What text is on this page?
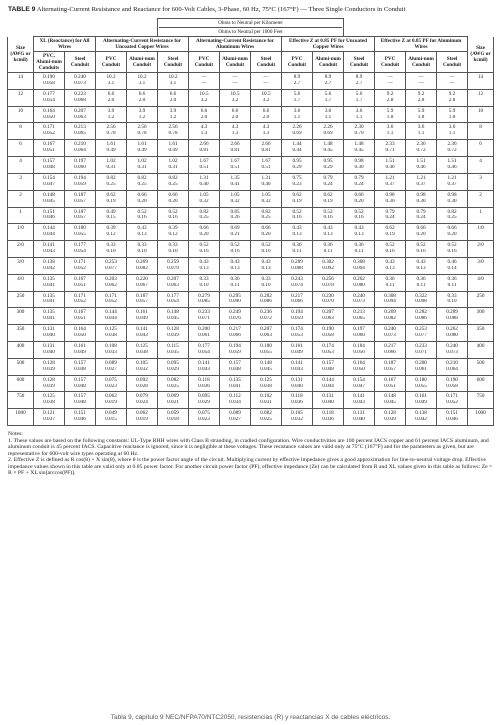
TABLE 9 Alternating-Current Resistance and Reactance for 600-Volt Cables, 3-Phase, 60 Hz, 75°C (167°F) — Three Single Conductors in Conduit

					Ohms to Neutral per Kilometer
Ohms to Neutral per 1000 Feet										

Size (AWG or kcmil)	XL (Reactance) for All Wires		Alternating-Current Resistance for Uncoated Copper Wires			Alternating-Current Resistance for Aluminum Wires			Effective Z at 0.85 PF for Uncoated Copper Wires			Effective Z at 0.85 PF for Aluminum Wires			Size (AWG or kcmil)
	PVC, Alumi-num Conduits	Steel Conduit	PVC Conduit	Alumi-num Conduit	Steel Conduit	PVC Conduit	Alumi-num Conduit	Steel Conduit	PVC Conduit	Alumi-num Conduit	Steel Conduit	PVC Conduit	Alumi-num Conduit	Steel Conduit	
14	0.190	0.240	10.2	10.2	10.2	—	—	—	8.9	8.9	8.9	—	—	—	14
	0.058	0.073	3.1	3.1	3.1	—	—	—	2.7	2.7	2.7	—	—	—	
12	0.177	0.223	6.6	6.6	6.6	10.5	10.5	10.5	5.6	5.6	5.6	9.2	9.2	9.2	12
	0.054	0.068	2.0	2.0	2.0	3.2	3.2	3.2	1.7	1.7	1.7	2.8	2.8	2.8	
10	0.164	0.207	3.9	3.9	3.9	6.6	6.6	6.6	3.6	3.6	3.6	5.9	5.9	5.9	10
	0.050	0.063	1.2	1.2	1.2	2.0	2.0	2.0	1.1	1.1	1.1	1.8	1.8	1.8	
8	0.171	0.213	2.56	2.56	2.56	4.3	4.3	4.3	2.26	2.26	2.30	3.6	3.6	3.6	8
	0.052	0.065	0.78	0.78	0.78	1.3	1.3	1.3	0.69	0.69	0.70	1.1	1.1	1.1	
6	0.167	0.210	1.61	1.61	1.61	2.66	2.66	2.66	1.44	1.48	1.48	2.33	2.36	2.36	6
	0.051	0.064	0.49	0.49	0.49	0.81	0.81	0.81	0.44	0.45	0.45	0.71	0.72	0.72	
4	0.157	0.197	1.02	1.02	1.02	1.67	1.67	1.67	0.95	0.95	0.98	1.51	1.51	1.51	4
	0.048	0.060	0.31	0.31	0.31	0.51	0.51	0.51	0.29	0.29	0.30	0.46	0.46	0.46	
3	0.154	0.194	0.82	0.82	0.82	1.31	1.35	1.31	0.75	0.79	0.79	1.21	1.21	1.21	3
	0.047	0.059	0.25	0.25	0.25	0.40	0.41	0.40	0.23	0.24	0.24	0.37	0.37	0.37	
2	0.148	0.187	0.62	0.66	0.66	1.05	1.05	1.05	0.62	0.62	0.66	0.98	0.98	0.98	2
	0.045	0.057	0.19	0.20	0.20	0.32	0.32	0.32	0.19	0.19	0.20	0.30	0.30	0.30	
1	0.151	0.187	0.49	0.52	0.52	0.82	0.85	0.82	0.52	0.52	0.52	0.79	0.79	0.82	1
	0.046	0.057	0.15	0.16	0.16	0.25	0.26	0.25	0.16	0.16	0.16	0.24	0.24	0.25	
1/0	0.144	0.180	0.39	0.43	0.39	0.66	0.69	0.66	0.43	0.43	0.43	0.62	0.66	0.66	1/0
	0.044	0.055	0.12	0.13	0.12	0.20	0.21	0.20	0.13	0.13	0.13	0.19	0.20	0.20	
2/0	0.141	0.177	0.33	0.33	0.33	0.52	0.52	0.52	0.36	0.36	0.36	0.52	0.52	0.52	2/0
	0.043	0.054	0.10	0.10	0.10	0.16	0.16	0.16	0.11	0.11	0.11	0.16	0.16	0.16	
3/0	0.138	0.171	0.253	0.269	0.259	0.43	0.43	0.43	0.289	0.302	0.308	0.43	0.43	0.46	3/0
	0.042	0.052	0.077	0.082	0.079	0.13	0.13	0.13	0.088	0.092	0.094	0.13	0.13	0.14	
4/0	0.135	0.167	0.203	0.220	0.207	0.33	0.36	0.33	0.243	0.256	0.262	0.36	0.36	0.36	4/0
	0.041	0.051	0.062	0.067	0.063	0.10	0.11	0.10	0.074	0.078	0.080	0.11	0.11	0.11	
250	0.135	0.171	0.171	0.187	0.177	0.279	0.295	0.282	0.217	0.230	0.240	0.308	0.322	0.33	250
	0.041	0.052	0.052	0.057	0.054	0.085	0.090	0.086	0.066	0.070	0.073	0.094	0.098	0.10	
300	0.135	0.167	0.144	0.161	0.148	0.233	0.249	0.236	0.194	0.207	0.213	0.269	0.282	0.289	300
	0.041	0.051	0.044	0.049	0.045	0.071	0.076	0.072	0.059	0.063	0.065	0.082	0.086	0.088	
350	0.131	0.164	0.125	0.141	0.128	0.200	0.217	0.207	0.174	0.190	0.197	0.240	0.253	0.262	350
	0.040	0.050	0.038	0.043	0.039	0.061	0.066	0.063	0.053	0.058	0.060	0.073	0.077	0.080	
400	0.131	0.161	0.108	0.125	0.115	0.177	0.194	0.180	0.161	0.174	0.184	0.217	0.233	0.240	400
	0.040	0.049	0.033	0.038	0.035	0.054	0.059	0.055	0.049	0.053	0.056	0.066	0.071	0.073	
500	0.128	0.157	0.089	0.105	0.095	0.141	0.157	0.148	0.141	0.157	0.164	0.187	0.200	0.210	500
	0.039	0.048	0.027	0.032	0.029	0.043	0.048	0.045	0.043	0.048	0.050	0.057	0.061	0.064	
600	0.128	0.157	0.075	0.092	0.082	0.118	0.135	0.125	0.131	0.144	0.154	0.167	0.180	0.190	600
	0.039	0.048	0.023	0.028	0.025	0.036	0.041	0.038	0.040	0.044	0.047	0.051	0.055	0.058	
750	0.125	0.157	0.062	0.079	0.069	0.095	0.112	0.102	0.118	0.131	0.141	0.148	0.161	0.171	750
	0.038	0.048	0.019	0.024	0.021	0.029	0.034	0.031	0.036	0.040	0.043	0.045	0.049	0.052	
1000	0.121	0.151	0.049	0.062	0.059	0.075	0.089	0.082	0.105	0.118	0.131	0.128	0.138	0.151	1000
	0.037	0.046	0.015	0.019	0.018	0.023	0.027	0.025	0.032	0.036	0.040	0.039	0.042	0.046	

Notes:

1. These values are based on the following constants: UL-Type RHH wires with Class B stranding, in cradled configuration. Wire conductivities are 100 percent IACS copper and 61 percent IACS aluminum, and aluminum conduit is 45 percent IACS. Capacitive reactance is ignored, since it is negligible at these voltages. These resistance values are valid only at 75°C (167°F) and for the parameters as given, but are representative for 600-volt wire types operating at 60 Hz.

2. Effective Z is defined as R cos(θ) + X sin(θ), where θ is the power factor angle of the circuit. Multiplying current by effective impedance gives a good approximation for line-to-neutral voltage drop. Effective impedance values shown in this table are valid only at 0.85 power factor. For another circuit power factor (PF), effective impedance (Ze) can be calculated from R and XL values given in this table as follows: Ze = R × PF + XL sin[arccos(PF)].

Tabla 9, capítulo 9 NEC/NFPA70/NTC2050, resistencias (R) y reactancias X de cables eléctricos.
